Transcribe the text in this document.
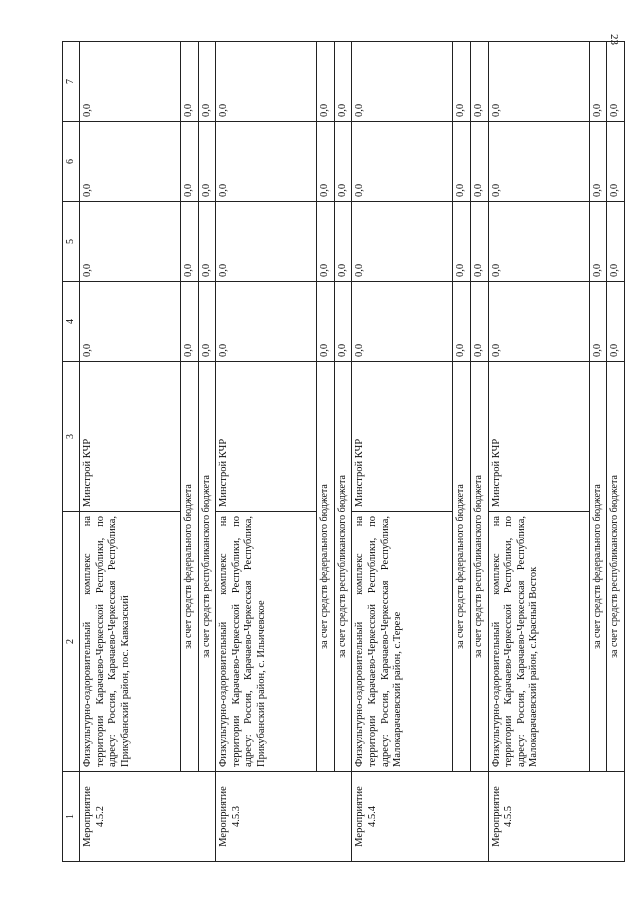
23
1	2	3	4	5	6	7
Мероприятие 4.5.2	Физкультурно-оздоровительный комплекс на территории Карачаево-Черкесской Республики, по адресу: Россия, Карачаево-Черкесская Республика, Прикубанский район, пос. Кавказский	Минстрой КЧР	0,0	0,0	0,0	0,0
	за счет средств федерального бюджета		0,0	0,0	0,0	0,0
	за счет средств республиканского бюджета		0,0	0,0	0,0	0,0
Мероприятие 4.5.3	Физкультурно-оздоровительный комплекс на территории Карачаево-Черкесской Республики, по адресу: Россия, Карачаево-Черкесская Республика, Прикубанский район, с. Ильичевское	Минстрой КЧР	0,0	0,0	0,0	0,0
	за счет средств федерального бюджета		0,0	0,0	0,0	0,0
	за счет средств республиканского бюджета		0,0	0,0	0,0	0,0
Мероприятие 4.5.4	Физкультурно-оздоровительный комплекс на территории Карачаево-Черкесской Республики, по адресу: Россия, Карачаево-Черкесская Республика, Малокарачаевский район, с.Терезе	Минстрой КЧР	0,0	0,0	0,0	0,0
	за счет средств федерального бюджета		0,0	0,0	0,0	0,0
	за счет средств республиканского бюджета		0,0	0,0	0,0	0,0
Мероприятие 4.5.5	Физкультурно-оздоровительный комплекс на территории Карачаево-Черкесской Республики, по адресу: Россия, Карачаево-Черкесская Республика, Малокарачаевский район, с.Красный Восток	Минстрой КЧР	0,0	0,0	0,0	0,0
	за счет средств федерального бюджета		0,0	0,0	0,0	0,0
	за счет средств республиканского бюджета		0,0	0,0	0,0	0,0
